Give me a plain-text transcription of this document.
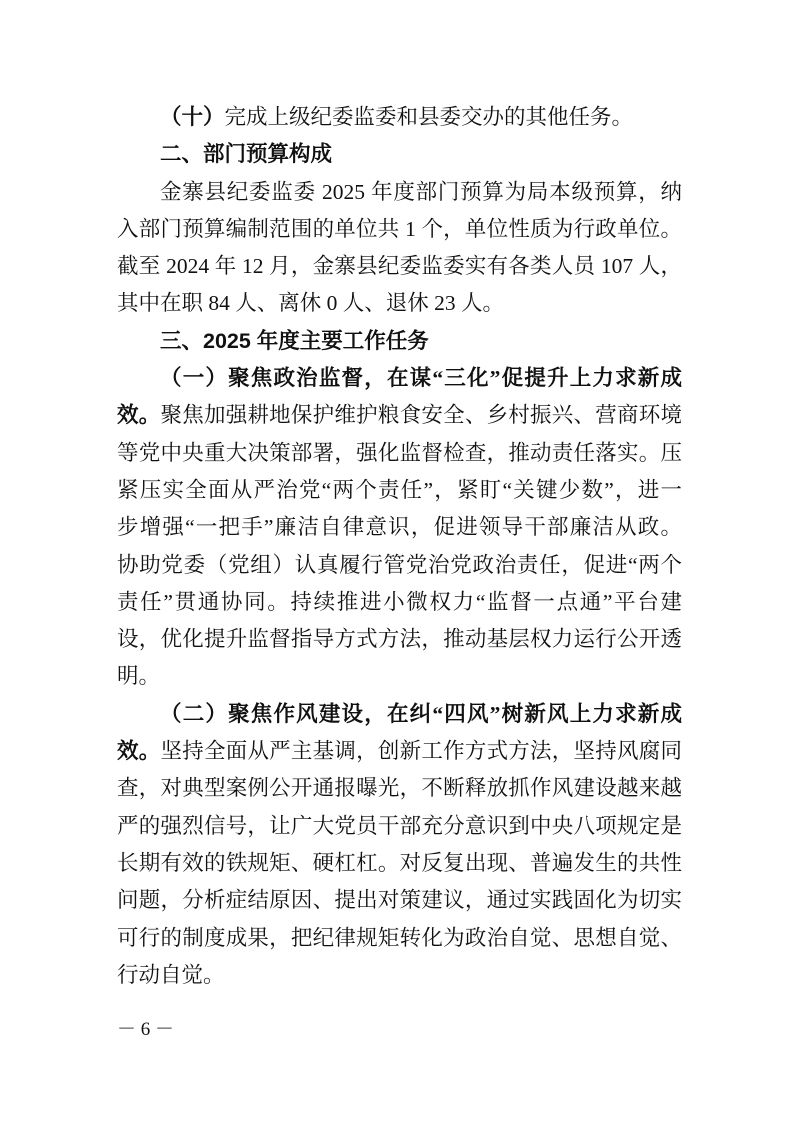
（十）完成上级纪委监委和县委交办的其他任务。
二、部门预算构成
金寨县纪委监委 2025 年度部门预算为局本级预算，纳
入部门预算编制范围的单位共 1 个，单位性质为行政单位。
截至 2024 年 12 月，金寨县纪委监委实有各类人员 107 人，
其中在职 84 人、离休 0 人、退休 23 人。
三、2025 年度主要工作任务
（一）聚焦政治监督，在谋“三化”促提升上力求新成
效。聚焦加强耕地保护维护粮食安全、乡村振兴、营商环境
等党中央重大决策部署，强化监督检查，推动责任落实。压
紧压实全面从严治党“两个责任”，紧盯“关键少数”，进一
步增强“一把手”廉洁自律意识，促进领导干部廉洁从政。
协助党委（党组）认真履行管党治党政治责任，促进“两个
责任”贯通协同。持续推进小微权力“监督一点通”平台建
设，优化提升监督指导方式方法，推动基层权力运行公开透
明。
（二）聚焦作风建设，在纠“四风”树新风上力求新成
效。坚持全面从严主基调，创新工作方式方法，坚持风腐同
查，对典型案例公开通报曝光，不断释放抓作风建设越来越
严的强烈信号，让广大党员干部充分意识到中央八项规定是
长期有效的铁规矩、硬杠杠。对反复出现、普遍发生的共性
问题，分析症结原因、提出对策建议，通过实践固化为切实
可行的制度成果，把纪律规矩转化为政治自觉、思想自觉、
行动自觉。
－ 6 －
